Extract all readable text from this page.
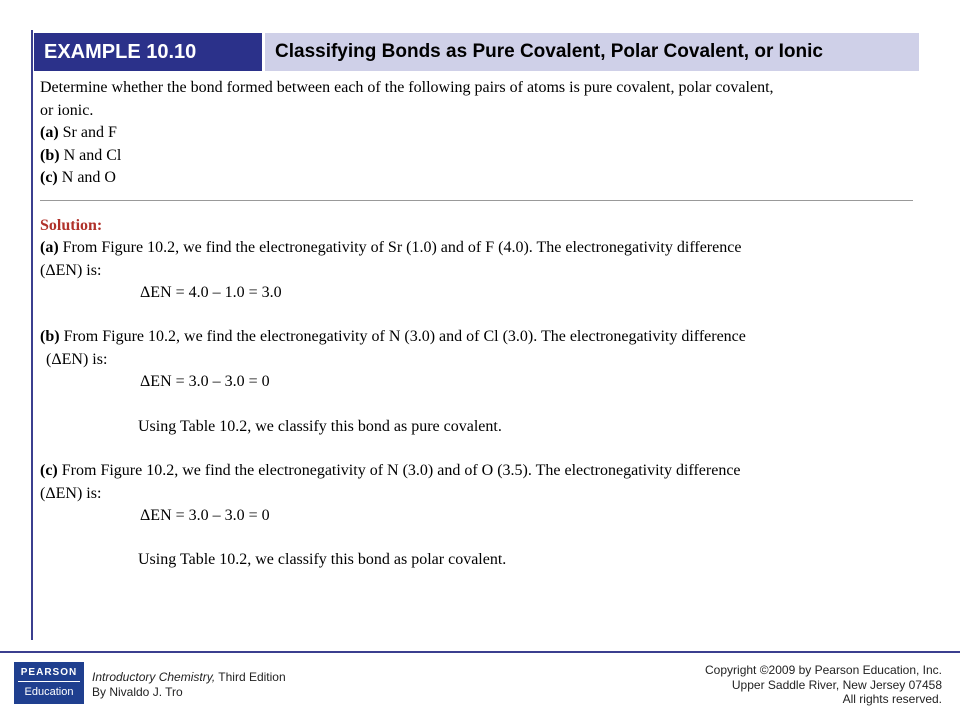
EXAMPLE 10.10	Classifying Bonds as Pure Covalent, Polar Covalent, or Ionic

Determine whether the bond formed between each of the following pairs of atoms is pure covalent, polar covalent,

or ionic.

(a) Sr and F

(b) N and Cl

(c) N and O

Solution:

(a) From Figure 10.2, we find the electronegativity of Sr (1.0) and of F (4.0). The electronegativity difference

(ΔEN) is:

ΔEN = 4.0 – 1.0 = 3.0

(b) From Figure 10.2, we find the electronegativity of N (3.0) and of Cl (3.0). The electronegativity difference

(ΔEN) is:

ΔEN = 3.0 – 3.0 = 0

Using Table 10.2, we classify this bond as pure covalent.

(c) From Figure 10.2, we find the electronegativity of N (3.0) and of O (3.5). The electronegativity difference

(ΔEN) is:

ΔEN = 3.0 – 3.0 = 0

Using Table 10.2, we classify this bond as polar covalent.

PEARSON
Education
Introductory Chemistry, Third Edition
By Nivaldo J. Tro
Copyright ©2009 by Pearson Education, Inc.
Upper Saddle River, New Jersey 07458
All rights reserved.
